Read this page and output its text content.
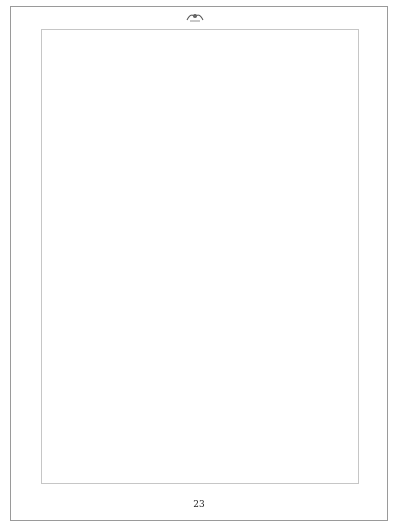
23
